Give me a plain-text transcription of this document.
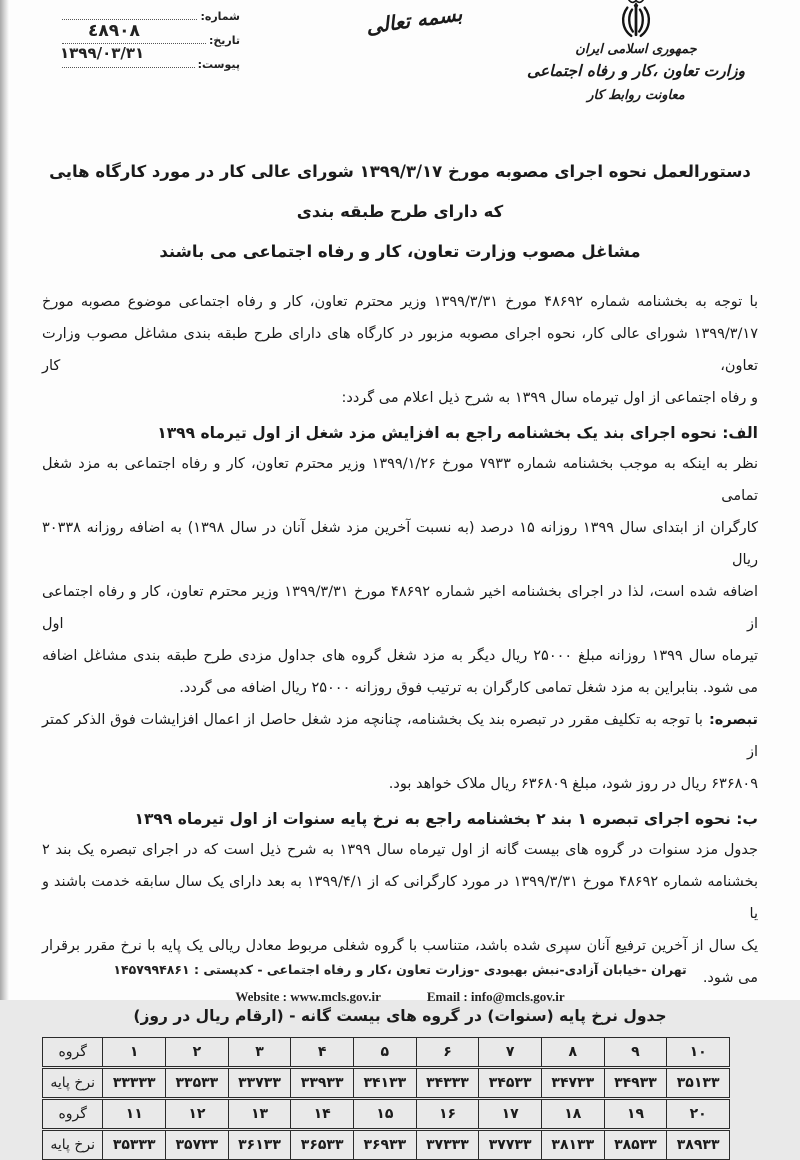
شماره:
تاریخ:
پیوست:
٤٨٩٠٨
۱۳۹۹/۰۳/۳۱
بسمه تعالی
جمهوری اسلامی ایران
وزارت تعاون ،کار و رفاه اجتماعی
معاونت روابط کار
دستورالعمل نحوه اجرای مصوبه مورخ ۱۳۹۹/۳/۱۷ شورای عالی کار در مورد کارگاه هایی که دارای طرح طبقه بندی
مشاغل مصوب وزارت تعاون، کار و رفاه اجتماعی می باشند
با توجه به بخشنامه شماره ۴۸۶۹۲ مورخ ۱۳۹۹/۳/۳۱ وزیر محترم تعاون، کار و رفاه اجتماعی موضوع مصوبه مورخ
۱۳۹۹/۳/۱۷ شورای عالی کار، نحوه اجرای مصوبه مزبور در کارگاه های دارای طرح طبقه بندی مشاغل مصوب وزارت تعاون، کار
و رفاه اجتماعی از اول تیرماه سال ۱۳۹۹ به شرح ذیل اعلام می گردد:
الف: نحوه اجرای بند یک بخشنامه راجع به افزایش مزد شغل از اول تیرماه ۱۳۹۹
نظر به اینکه به موجب بخشنامه شماره ۷۹۳۳ مورخ ۱۳۹۹/۱/۲۶ وزیر محترم تعاون، کار و رفاه اجتماعی به مزد شغل تمامی
کارگران از ابتدای سال ۱۳۹۹ روزانه ۱۵ درصد (به نسبت آخرین مزد شغل آنان در سال ۱۳۹۸) به اضافه روزانه ۳۰۳۳۸ ریال
اضافه شده است، لذا در اجرای بخشنامه اخیر شماره ۴۸۶۹۲ مورخ ۱۳۹۹/۳/۳۱ وزیر محترم تعاون، کار و رفاه اجتماعی از اول
تیرماه سال ۱۳۹۹ روزانه مبلغ ۲۵۰۰۰ ریال دیگر به مزد شغل گروه های جداول مزدی طرح طبقه بندی مشاغل اضافه
می شود. بنابراین به مزد شغل تمامی کارگران به ترتیب فوق روزانه ۲۵۰۰۰ ریال اضافه می گردد.
تبصره:با توجه به تکلیف مقرر در تبصره بند یک بخشنامه، چنانچه مزد شغل حاصل از اعمال افزایشات فوق الذکر کمتر از
۶۳۶۸۰۹ ریال در روز شود، مبلغ ۶۳۶۸۰۹ ریال ملاک خواهد بود.
ب: نحوه اجرای تبصره ۱ بند ۲ بخشنامه راجع به نرخ پایه سنوات از اول تیرماه ۱۳۹۹
جدول مزد سنوات در گروه های بیست گانه از اول تیرماه سال ۱۳۹۹ به شرح ذیل است که در اجرای تبصره یک بند ۲
بخشنامه شماره ۴۸۶۹۲ مورخ ۱۳۹۹/۳/۳۱ در مورد کارگرانی که از ۱۳۹۹/۴/۱ به بعد دارای یک سال سابقه خدمت باشند و یا
یک سال از آخرین ترفیع آنان سپری شده باشد، متناسب با گروه شغلی مربوط معادل ریالی یک پایه با نرخ مقرر برقرار
می شود.
جدول نرخ پایه (سنوات) در گروه های بیست گانه - (ارقام ریال در روز)
گروه	۱	۲	۳	۴	۵	۶	۷	۸	۹	۱۰
نرخ پایه	۳۳۳۳۳	۳۳۵۳۳	۳۳۷۳۳	۳۳۹۳۳	۳۴۱۳۳	۳۴۳۳۳	۳۴۵۳۳	۳۴۷۳۳	۳۴۹۳۳	۳۵۱۳۳
گروه	۱۱	۱۲	۱۳	۱۴	۱۵	۱۶	۱۷	۱۸	۱۹	۲۰
نرخ پایه	۳۵۳۳۳	۳۵۷۳۳	۳۶۱۳۳	۳۶۵۳۳	۳۶۹۳۳	۳۷۳۳۳	۳۷۷۳۳	۳۸۱۳۳	۳۸۵۳۳	۳۸۹۳۳
تهران -خیابان آزادی-نبش بهبودی -وزارت تعاون ،کار و رفاه اجتماعی - کدپستی : ۱۴۵۷۹۹۴۸۶۱
Website : www.mcls.gov.ir	Email : info@mcls.gov.ir
